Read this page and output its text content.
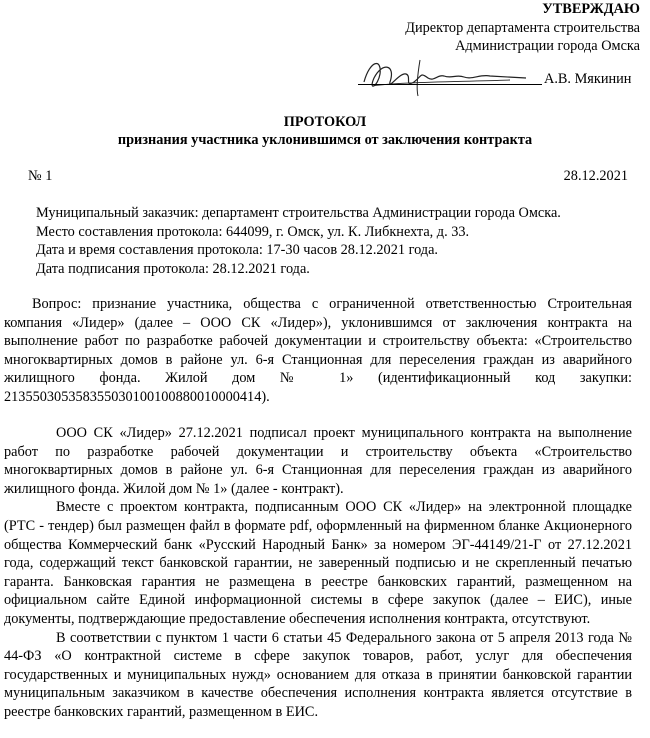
УТВЕРЖДАЮ
Директор департамента строительства
Администрации города Омска
А.В. Мякинин
ПРОТОКОЛ
признания участника уклонившимся от заключения контракта
№ 1	28.12.2021
Муниципальный заказчик: департамент строительства Администрации города Омска.
Место составления протокола: 644099, г. Омск, ул. К. Либкнехта, д. 33.
Дата и время составления протокола: 17-30 часов 28.12.2021 года.
Дата подписания протокола: 28.12.2021 года.

Вопрос: признание участника, общества с ограниченной ответственностью Строительная компания «Лидер» (далее – ООО СК «Лидер»), уклонившимся от заключения контракта на выполнение работ по разработке рабочей документации и строительству объекта: «Строительство многоквартирных домов в районе ул. 6-я Станционная для переселения граждан из аварийного жилищного фонда. Жилой дом № 1» (идентификационный код закупки: 213550305358355030100100880010000414).

ООО СК «Лидер» 27.12.2021 подписал проект муниципального контракта на выполнение работ по разработке рабочей документации и строительству объекта «Строительство многоквартирных домов в районе ул. 6-я Станционная для переселения граждан из аварийного жилищного фонда. Жилой дом № 1» (далее - контракт).

Вместе с проектом контракта, подписанным ООО СК «Лидер» на электронной площадке (РТС - тендер) был размещен файл в формате pdf, оформленный на фирменном бланке Акционерного общества Коммерческий банк «Русский Народный Банк» за номером ЭГ-44149/21-Г от 27.12.2021 года, содержащий текст банковской гарантии, не заверенный подписью и не скрепленный печатью гаранта. Банковская гарантия не размещена в реестре банковских гарантий, размещенном на официальном сайте Единой информационной системы в сфере закупок (далее – ЕИС), иные документы, подтверждающие предоставление обеспечения исполнения контракта, отсутствуют.

В соответствии с пунктом 1 части 6 статьи 45 Федерального закона от 5 апреля 2013 года № 44-ФЗ «О контрактной системе в сфере закупок товаров, работ, услуг для обеспечения государственных и муниципальных нужд» основанием для отказа в принятии банковской гарантии муниципальным заказчиком в качестве обеспечения исполнения контракта является отсутствие в реестре банковских гарантий, размещенном в ЕИС.
